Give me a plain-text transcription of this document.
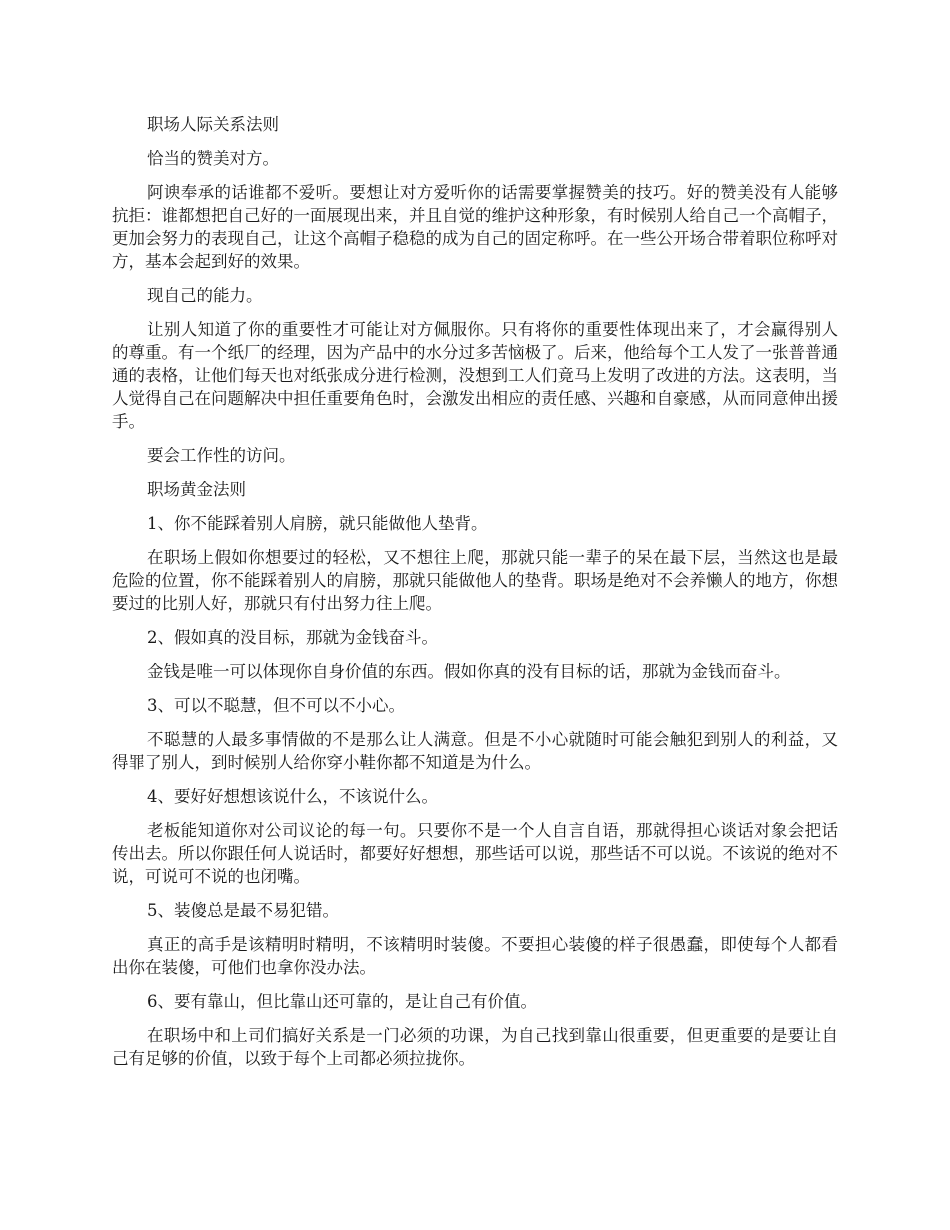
职场人际关系法则

恰当的赞美对方。

阿谀奉承的话谁都不爱听。要想让对方爱听你的话需要掌握赞美的技巧。好的赞美没有人能够抗拒：谁都想把自己好的一面展现出来，并且自觉的维护这种形象，有时候别人给自己一个高帽子，更加会努力的表现自己，让这个高帽子稳稳的成为自己的固定称呼。在一些公开场合带着职位称呼对方，基本会起到好的效果。

现自己的能力。

让别人知道了你的重要性才可能让对方佩服你。只有将你的重要性体现出来了，才会赢得别人的尊重。有一个纸厂的经理，因为产品中的水分过多苦恼极了。后来，他给每个工人发了一张普普通通的表格，让他们每天也对纸张成分进行检测，没想到工人们竟马上发明了改进的方法。这表明，当人觉得自己在问题解决中担任重要角色时，会激发出相应的责任感、兴趣和自豪感，从而同意伸出援手。

要会工作性的访问。

职场黄金法则

1、你不能踩着别人肩膀，就只能做他人垫背。

在职场上假如你想要过的轻松，又不想往上爬，那就只能一辈子的呆在最下层，当然这也是最危险的位置，你不能踩着别人的肩膀，那就只能做他人的垫背。职场是绝对不会养懒人的地方，你想要过的比别人好，那就只有付出努力往上爬。

2、假如真的没目标，那就为金钱奋斗。

金钱是唯一可以体现你自身价值的东西。假如你真的没有目标的话，那就为金钱而奋斗。

3、可以不聪慧，但不可以不小心。

不聪慧的人最多事情做的不是那么让人满意。但是不小心就随时可能会触犯到别人的利益，又得罪了别人，到时候别人给你穿小鞋你都不知道是为什么。

4、要好好想想该说什么，不该说什么。

老板能知道你对公司议论的每一句。只要你不是一个人自言自语，那就得担心谈话对象会把话传出去。所以你跟任何人说话时，都要好好想想，那些话可以说，那些话不可以说。不该说的绝对不说，可说可不说的也闭嘴。

5、装傻总是最不易犯错。

真正的高手是该精明时精明，不该精明时装傻。不要担心装傻的样子很愚蠢，即使每个人都看出你在装傻，可他们也拿你没办法。

6、要有靠山，但比靠山还可靠的，是让自己有价值。

在职场中和上司们搞好关系是一门必须的功课，为自己找到靠山很重要，但更重要的是要让自己有足够的价值，以致于每个上司都必须拉拢你。
